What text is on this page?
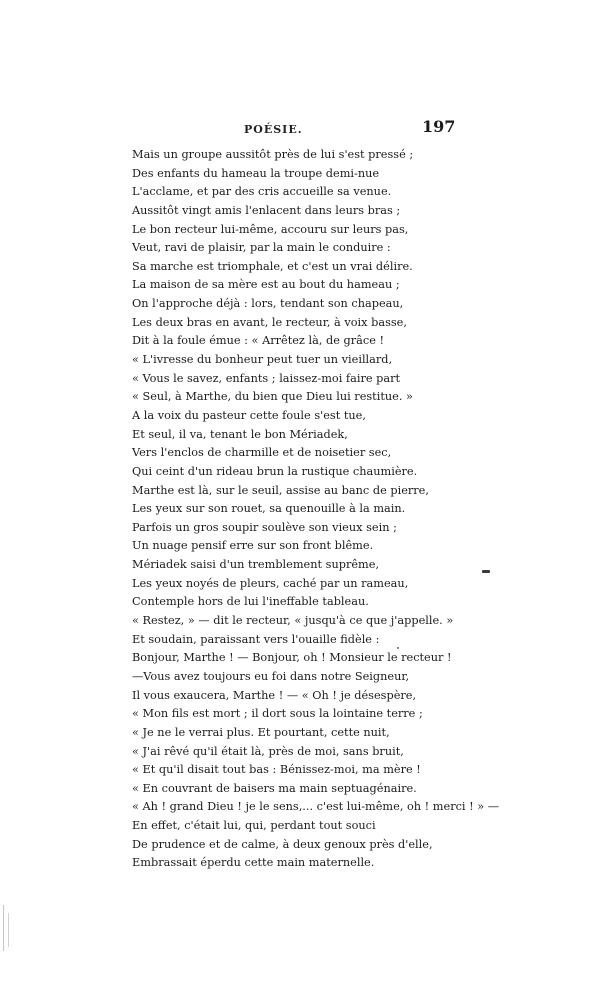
POÉSIE.	197
Mais un groupe aussitôt près de lui s'est pressé ;
Des enfants du hameau la troupe demi-nue
L'acclame, et par des cris accueille sa venue.
Aussitôt vingt amis l'enlacent dans leurs bras ;
Le bon recteur lui-même, accouru sur leurs pas,
Veut, ravi de plaisir, par la main le conduire :
Sa marche est triomphale, et c'est un vrai délire.
La maison de sa mère est au bout du hameau ;
On l'approche déjà : lors, tendant son chapeau,
Les deux bras en avant, le recteur, à voix basse,
Dit à la foule émue : « Arrêtez là, de grâce !
« L'ivresse du bonheur peut tuer un vieillard,
« Vous le savez, enfants ; laissez-moi faire part
« Seul, à Marthe, du bien que Dieu lui restitue. »
A la voix du pasteur cette foule s'est tue,
Et seul, il va, tenant le bon Mériadek,
Vers l'enclos de charmille et de noisetier sec,
Qui ceint d'un rideau brun la rustique chaumière.
Marthe est là, sur le seuil, assise au banc de pierre,
Les yeux sur son rouet, sa quenouille à la main.
Parfois un gros soupir soulève son vieux sein ;
Un nuage pensif erre sur son front blême.
Mériadek saisi d'un tremblement suprême,
Les yeux noyés de pleurs, caché par un rameau,
Contemple hors de lui l'ineffable tableau.
« Restez, » — dit le recteur, « jusqu'à ce que j'appelle. »
Et soudain, paraissant vers l'ouaille fidèle :
Bonjour, Marthe ! — Bonjour, oh ! Monsieur le recteur !
—Vous avez toujours eu foi dans notre Seigneur,
Il vous exaucera, Marthe ! — « Oh ! je désespère,
« Mon fils est mort ; il dort sous la lointaine terre ;
« Je ne le verrai plus. Et pourtant, cette nuit,
« J'ai rêvé qu'il était là, près de moi, sans bruit,
« Et qu'il disait tout bas : Bénissez-moi, ma mère !
« En couvrant de baisers ma main septuagénaire.
« Ah ! grand Dieu ! je le sens,... c'est lui-même, oh ! merci ! » —
En effet, c'était lui, qui, perdant tout souci
De prudence et de calme, à deux genoux près d'elle,
Embrassait éperdu cette main maternelle.
